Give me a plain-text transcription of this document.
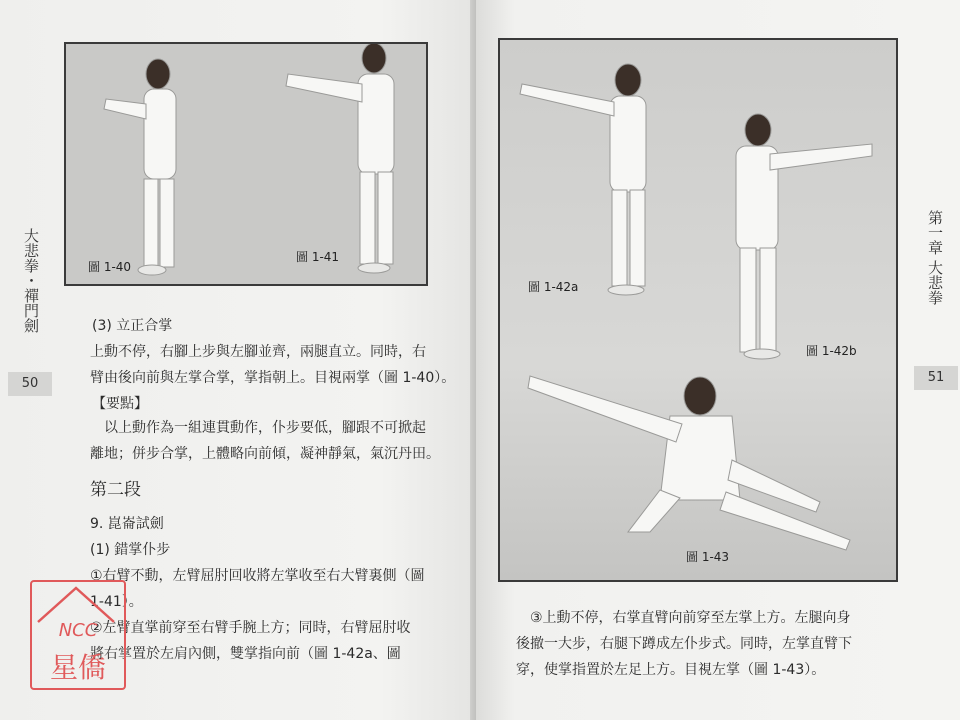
圖 1-40
圖 1-41
大悲拳・禪門劍
50
(3) 立正合掌
上動不停，右腳上步與左腳並齊，兩腿直立。同時，右
臂由後向前與左掌合掌，掌指朝上。目視兩掌（圖 1-40）。
【要點】
以上動作為一組連貫動作，仆步要低，腳跟不可掀起
離地；併步合掌，上體略向前傾，凝神靜氣，氣沉丹田。
第二段
9. 崑崙試劍
(1) 錯掌仆步
①右臂不動，左臂屈肘回收將左掌收至右大臂裏側（圖
1-41）。
②左臂直掌前穿至右臂手腕上方；同時，右臂屈肘收
將右掌置於左肩內側，雙掌指向前（圖 1-42a、圖
NCC
星僑
圖 1-42a
圖 1-42b
圖 1-43
第一章 大悲拳
51
③上動不停，右掌直臂向前穿至左掌上方。左腿向身
後撤一大步，右腿下蹲成左仆步式。同時，左掌直臂下
穿，使掌指置於左足上方。目視左掌（圖 1-43）。
